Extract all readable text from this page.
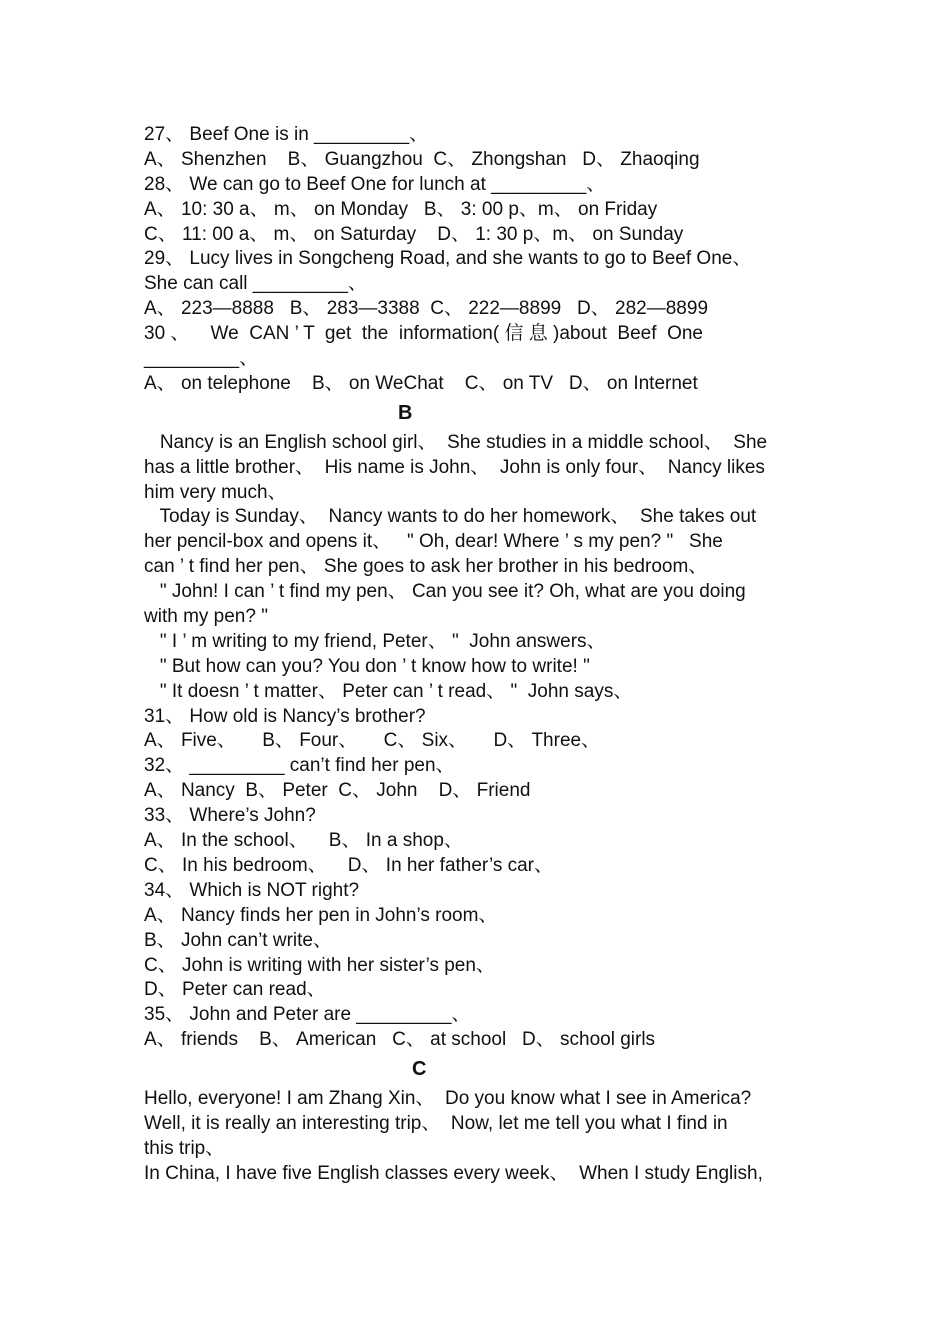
27、 Beef One is in _________、
A、 Shenzhen    B、 Guangzhou  C、 Zhongshan   D、 Zhaoqing
28、 We can go to Beef One for lunch at _________、
A、 10: 30 a、 m、 on Monday   B、 3: 00 p、m、 on Friday
C、 11: 00 a、 m、 on Saturday    D、 1: 30 p、m、 on Sunday
29、 Lucy lives in Songcheng Road, and she wants to go to Beef One、
She can call _________、
A、 223—8888   B、 283—3388  C、 222—8899   D、 282—8899
30 、    We  CAN ’ T  get  the  information( 信 息 )about  Beef  One
_________、
A、 on telephone    B、 on WeChat    C、 on TV   D、 on Internet
B
Nancy is an English school girl、  She studies in a middle school、  She
has a little brother、  His name is John、  John is only four、  Nancy likes
him very much、
Today is Sunday、  Nancy wants to do her homework、  She takes out
her pencil-box and opens it、   " Oh, dear! Where ’ s my pen? "   She
can ’ t find her pen、 She goes to ask her brother in his bedroom、
" John! I can ’ t find my pen、 Can you see it? Oh, what are you doing
with my pen? "
" I ’ m writing to my friend, Peter、 "  John answers、
" But how can you? You don ’ t know how to write! "
" It doesn ’ t matter、 Peter can ’ t read、 "  John says、
31、 How old is Nancy’s brother?
A、 Five、     B、 Four、     C、 Six、     D、 Three、
32、 _________ can’t find her pen、
A、 Nancy  B、 Peter  C、 John    D、 Friend
33、 Where’s John?
A、 In the school、    B、 In a shop、
C、 In his bedroom、    D、 In her father’s car、
34、 Which is NOT right?
A、 Nancy finds her pen in John’s room、
B、 John can’t write、
C、 John is writing with her sister’s pen、
D、 Peter can read、
35、 John and Peter are _________、
A、 friends    B、 American   C、 at school   D、 school girls
C
Hello, everyone! I am Zhang Xin、  Do you know what I see in America?
Well, it is really an interesting trip、  Now, let me tell you what I find in
this trip、
In China, I have five English classes every week、  When I study English,
